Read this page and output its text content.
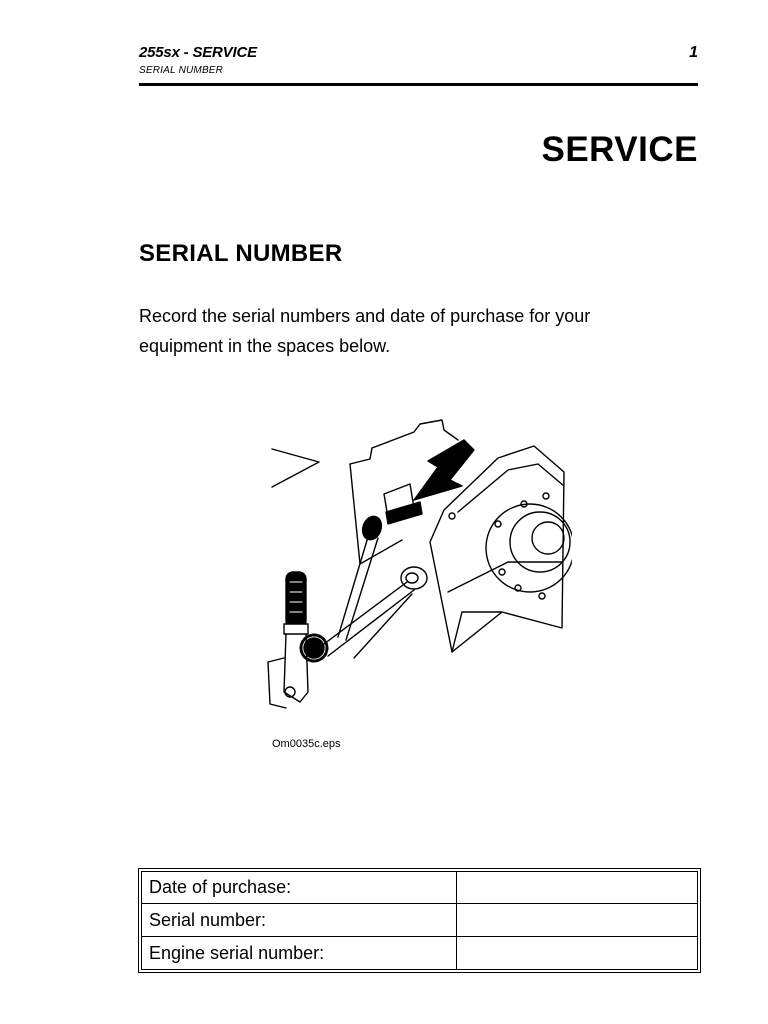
255sx - SERVICE	1
SERIAL NUMBER
SERVICE
SERIAL NUMBER
Record the serial numbers and date of purchase for your equipment in the spaces below.
Om0035c.eps
Date of purchase:	
Serial number:	
Engine serial number:	
